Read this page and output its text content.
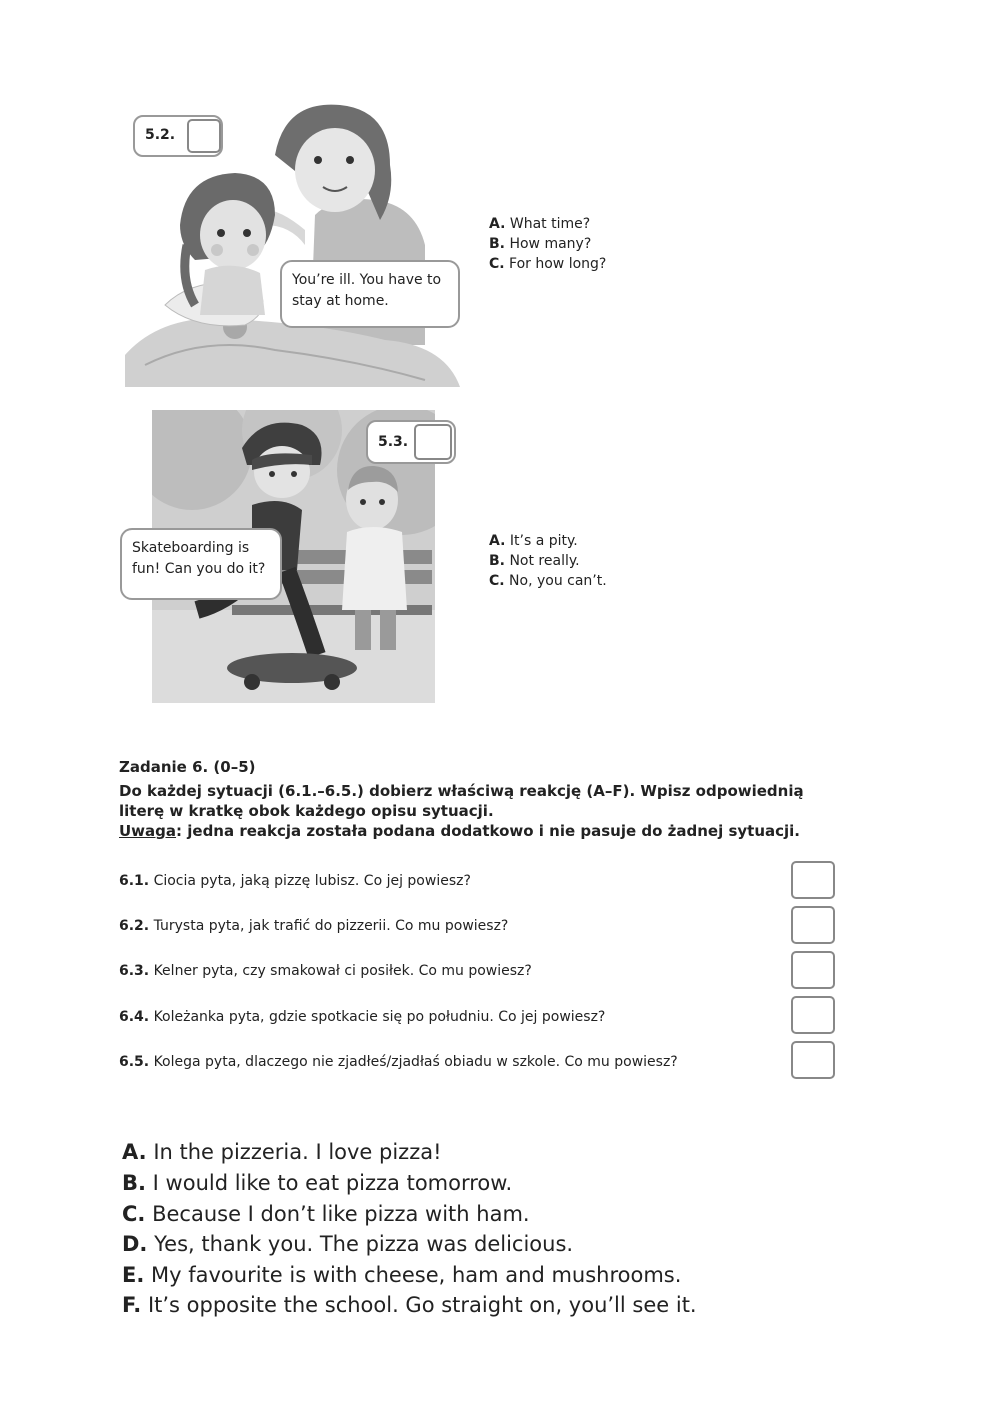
5.2.
You’re ill. You have to stay at home.
A. What time?
B. How many?
C. For how long?
5.3.
Skateboarding is fun! Can you do it?
A. It’s a pity.
B. Not really.
C. No, you can’t.
Zadanie 6. (0–5)
Do każdej sytuacji (6.1.–6.5.) dobierz właściwą reakcję (A–F). Wpisz odpowiednią
literę w kratkę obok każdego opisu sytuacji.
Uwaga: jedna reakcja została podana dodatkowo i nie pasuje do żadnej sytuacji.
6.1. Ciocia pyta, jaką pizzę lubisz. Co jej powiesz?
6.2. Turysta pyta, jak trafić do pizzerii. Co mu powiesz?
6.3. Kelner pyta, czy smakował ci posiłek. Co mu powiesz?
6.4. Koleżanka pyta, gdzie spotkacie się po południu. Co jej powiesz?
6.5. Kolega pyta, dlaczego nie zjadłeś/zjadłaś obiadu w szkole. Co mu powiesz?
A. In the pizzeria. I love pizza!
B. I would like to eat pizza tomorrow.
C. Because I don’t like pizza with ham.
D. Yes, thank you. The pizza was delicious.
E. My favourite is with cheese, ham and mushrooms.
F. It’s opposite the school. Go straight on, you’ll see it.
